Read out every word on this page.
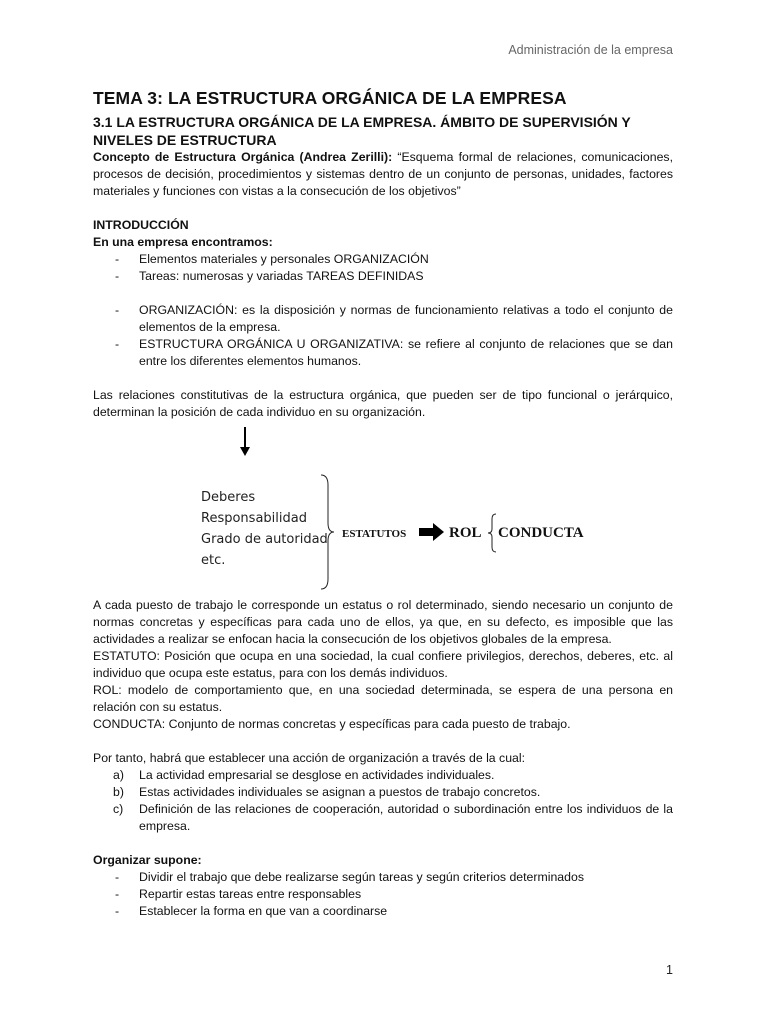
Administración de la empresa
TEMA 3: LA ESTRUCTURA ORGÁNICA DE LA EMPRESA
3.1 LA ESTRUCTURA ORGÁNICA DE LA EMPRESA. ÁMBITO DE SUPERVISIÓN Y NIVELES DE ESTRUCTURA

Concepto de Estructura Orgánica (Andrea Zerilli): “Esquema formal de relaciones, comunicaciones, procesos de decisión, procedimientos y sistemas dentro de un conjunto de personas, unidades, factores materiales y funciones con vistas a la consecución de los objetivos”

INTRODUCCIÓN
En una empresa encontramos:
- Elementos materiales y personales ORGANIZACIÓN
- Tareas: numerosas y variadas TAREAS DEFINIDAS
- ORGANIZACIÓN: es la disposición y normas de funcionamiento relativas a todo el conjunto de elementos de la empresa.
- ESTRUCTURA ORGÁNICA U ORGANIZATIVA: se refiere al conjunto de relaciones que se dan entre los diferentes elementos humanos.

Las relaciones constitutivas de la estructura orgánica, que pueden ser de tipo funcional o jerárquico, determinan la posición de cada individuo en su organización.

Deberes
Responsabilidad
Grado de autoridad
etc.
ESTATUTOS	ROL CONDUCTA

A cada puesto de trabajo le corresponde un estatus o rol determinado, siendo necesario un conjunto de normas concretas y específicas para cada uno de ellos, ya que, en su defecto, es imposible que las actividades a realizar se enfocan hacia la consecución de los objetivos globales de la empresa.

ESTATUTO: Posición que ocupa en una sociedad, la cual confiere privilegios, derechos, deberes, etc. al individuo que ocupa este estatus, para con los demás individuos.

ROL: modelo de comportamiento que, en una sociedad determinada, se espera de una persona en relación con su estatus.

CONDUCTA: Conjunto de normas concretas y específicas para cada puesto de trabajo.

Por tanto, habrá que establecer una acción de organización a través de la cual:

a) La actividad empresarial se desglose en actividades individuales.
b) Estas actividades individuales se asignan a puestos de trabajo concretos.
c) Definición de las relaciones de cooperación, autoridad o subordinación entre los individuos de la empresa.
Organizar supone:
- Dividir el trabajo que debe realizarse según tareas y según criterios determinados
- Repartir estas tareas entre responsables
- Establecer la forma en que van a coordinarse
1
